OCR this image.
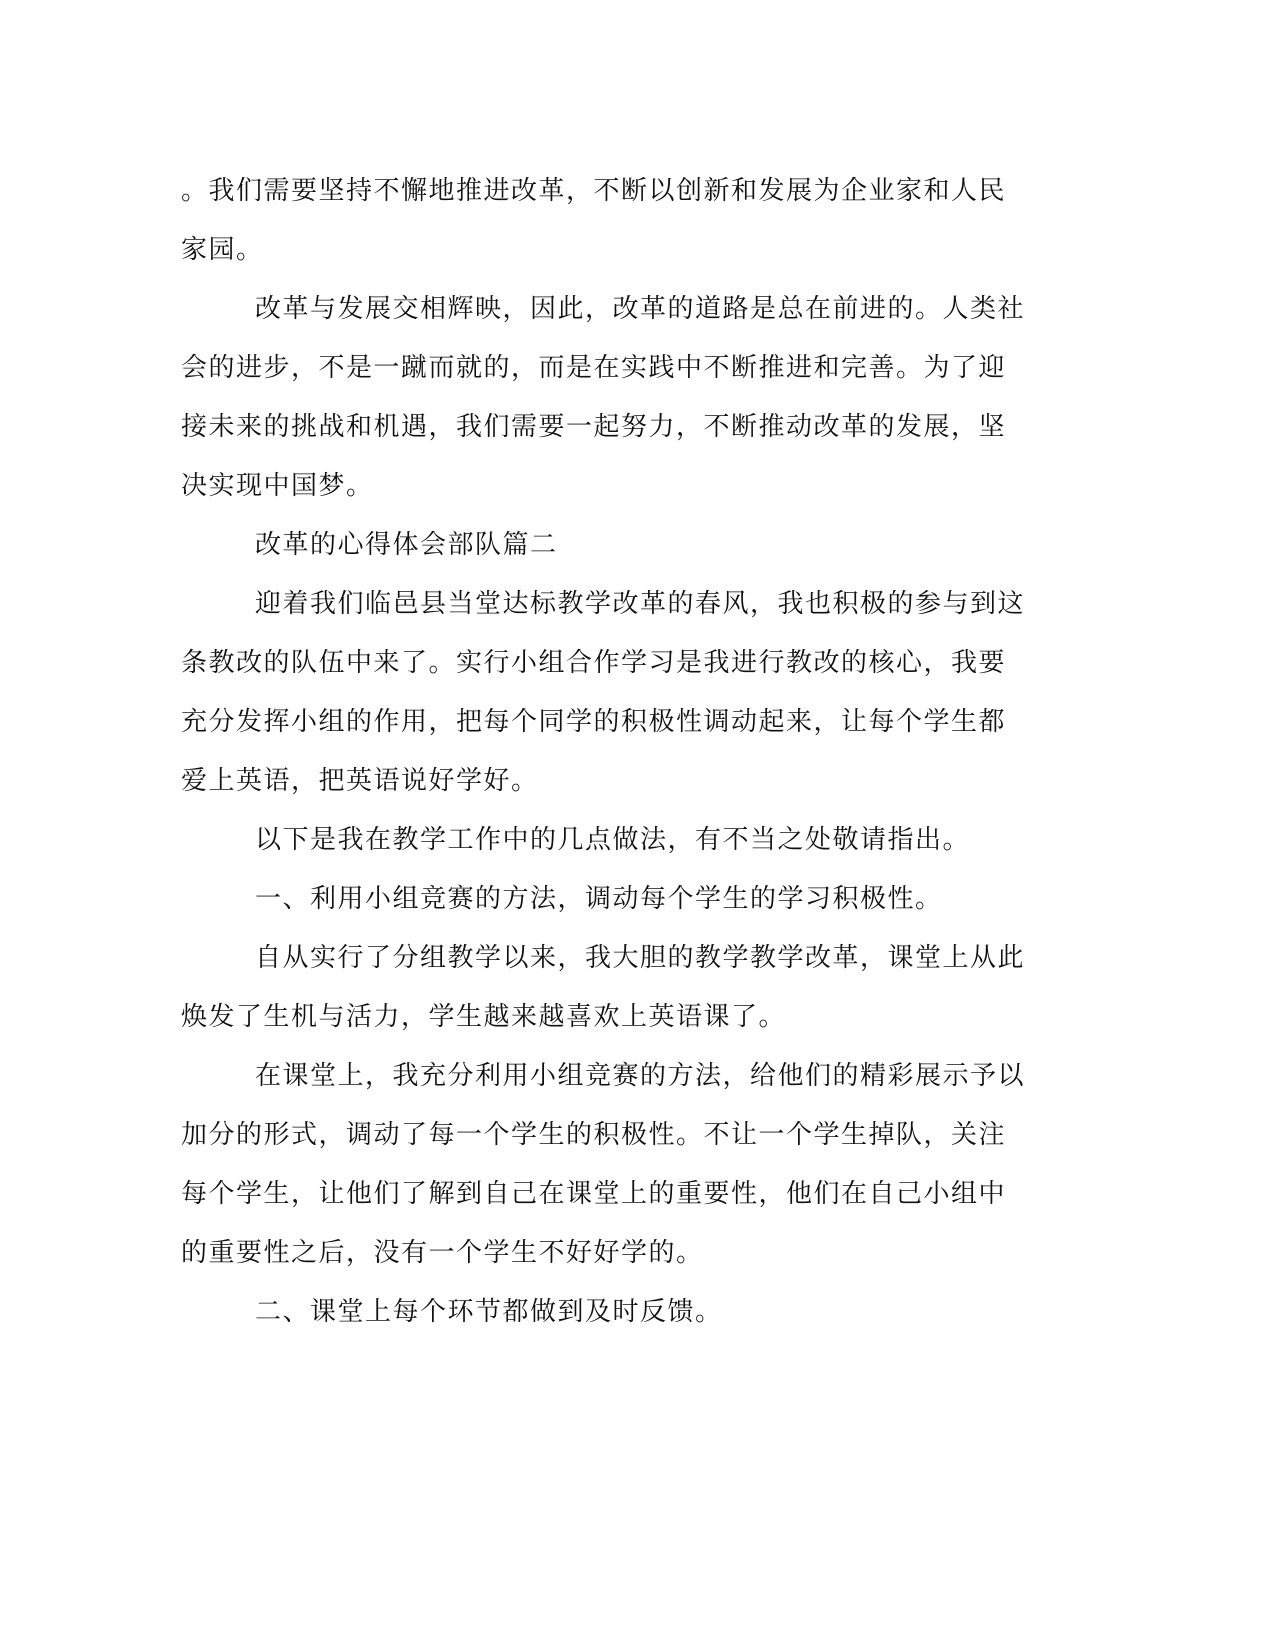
。我们需要坚持不懈地推进改革，不断以创新和发展为企业家和人民
家园。

改革与发展交相辉映，因此，改革的道路是总在前进的。人类社
会的进步，不是一蹴而就的，而是在实践中不断推进和完善。为了迎
接未来的挑战和机遇，我们需要一起努力，不断推动改革的发展，坚
决实现中国梦。

改革的心得体会部队篇二

迎着我们临邑县当堂达标教学改革的春风，我也积极的参与到这
条教改的队伍中来了。实行小组合作学习是我进行教改的核心，我要
充分发挥小组的作用，把每个同学的积极性调动起来，让每个学生都
爱上英语，把英语说好学好。

以下是我在教学工作中的几点做法，有不当之处敬请指出。

一、利用小组竞赛的方法，调动每个学生的学习积极性。

自从实行了分组教学以来，我大胆的教学教学改革，课堂上从此
焕发了生机与活力，学生越来越喜欢上英语课了。

在课堂上，我充分利用小组竞赛的方法，给他们的精彩展示予以
加分的形式，调动了每一个学生的积极性。不让一个学生掉队，关注
每个学生，让他们了解到自己在课堂上的重要性，他们在自己小组中
的重要性之后，没有一个学生不好好学的。

二、课堂上每个环节都做到及时反馈。
